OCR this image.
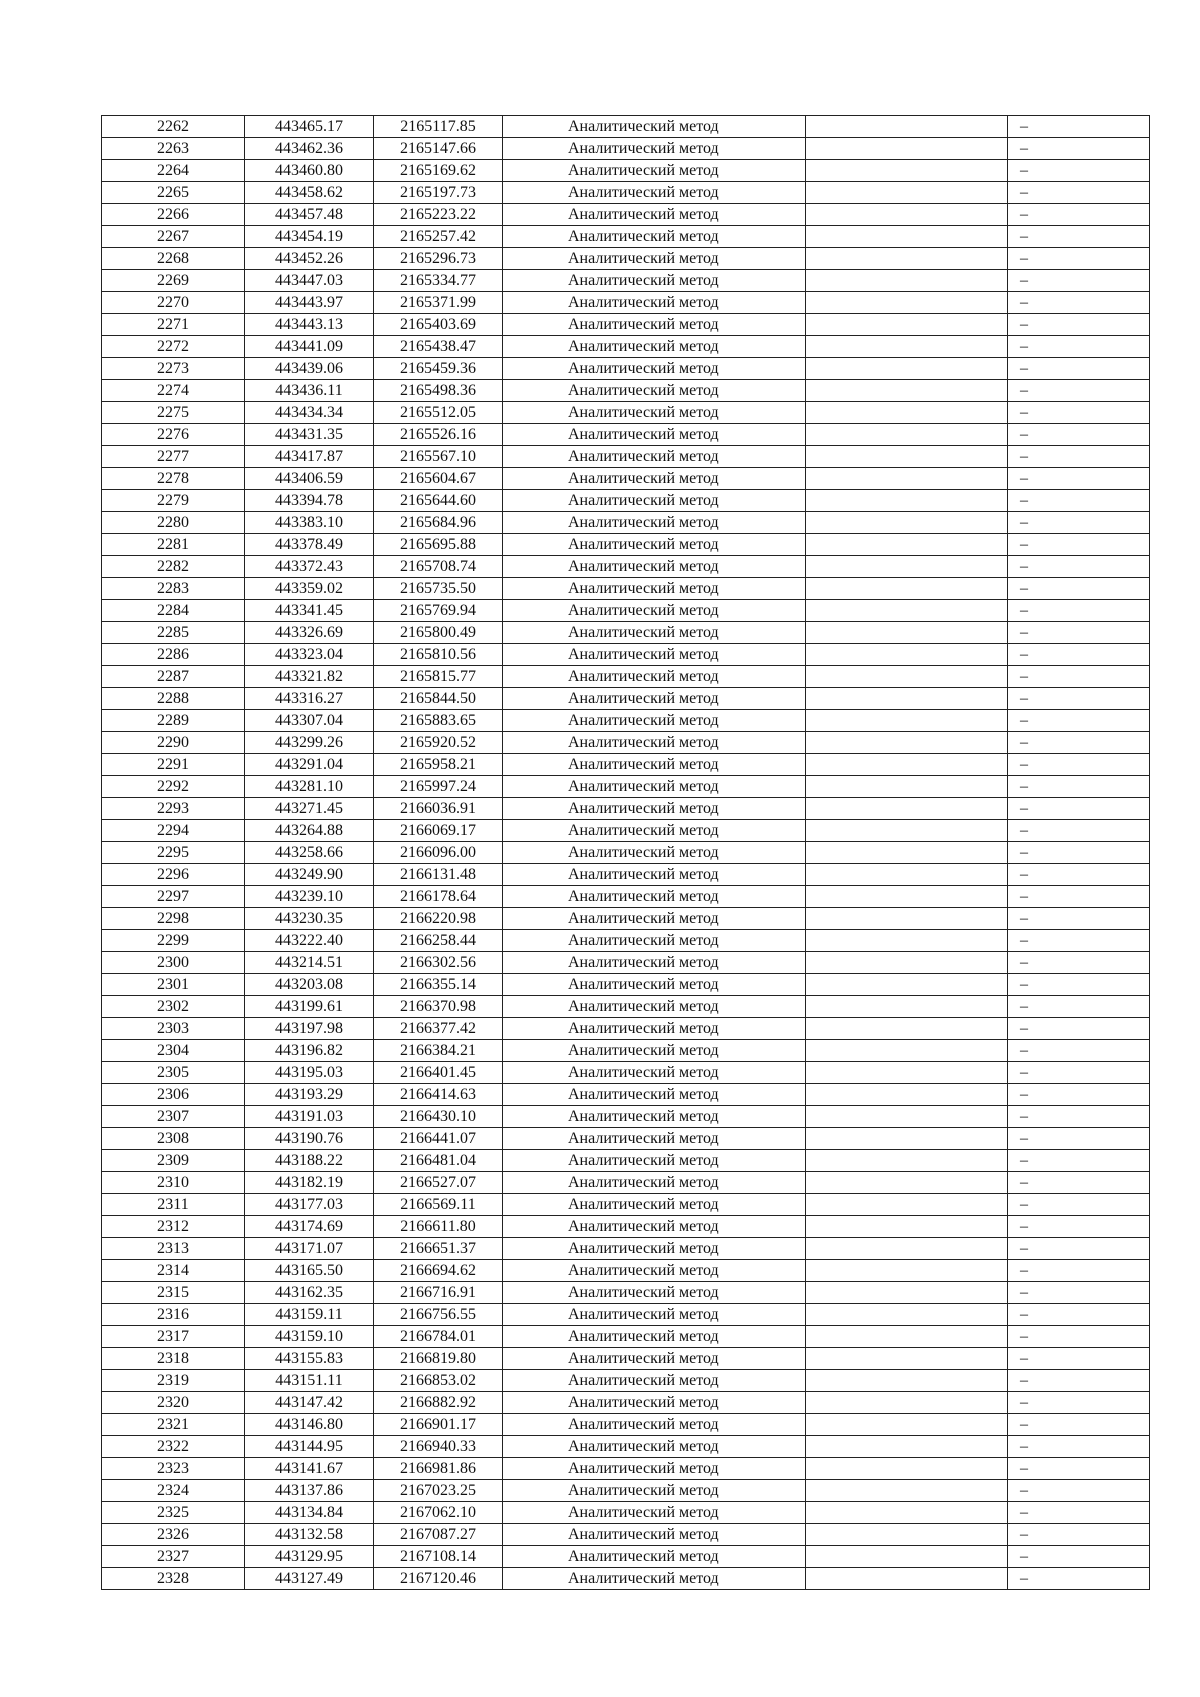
2262	443465.17	2165117.85	Аналитический метод		–
2263	443462.36	2165147.66	Аналитический метод		–
2264	443460.80	2165169.62	Аналитический метод		–
2265	443458.62	2165197.73	Аналитический метод		–
2266	443457.48	2165223.22	Аналитический метод		–
2267	443454.19	2165257.42	Аналитический метод		–
2268	443452.26	2165296.73	Аналитический метод		–
2269	443447.03	2165334.77	Аналитический метод		–
2270	443443.97	2165371.99	Аналитический метод		–
2271	443443.13	2165403.69	Аналитический метод		–
2272	443441.09	2165438.47	Аналитический метод		–
2273	443439.06	2165459.36	Аналитический метод		–
2274	443436.11	2165498.36	Аналитический метод		–
2275	443434.34	2165512.05	Аналитический метод		–
2276	443431.35	2165526.16	Аналитический метод		–
2277	443417.87	2165567.10	Аналитический метод		–
2278	443406.59	2165604.67	Аналитический метод		–
2279	443394.78	2165644.60	Аналитический метод		–
2280	443383.10	2165684.96	Аналитический метод		–
2281	443378.49	2165695.88	Аналитический метод		–
2282	443372.43	2165708.74	Аналитический метод		–
2283	443359.02	2165735.50	Аналитический метод		–
2284	443341.45	2165769.94	Аналитический метод		–
2285	443326.69	2165800.49	Аналитический метод		–
2286	443323.04	2165810.56	Аналитический метод		–
2287	443321.82	2165815.77	Аналитический метод		–
2288	443316.27	2165844.50	Аналитический метод		–
2289	443307.04	2165883.65	Аналитический метод		–
2290	443299.26	2165920.52	Аналитический метод		–
2291	443291.04	2165958.21	Аналитический метод		–
2292	443281.10	2165997.24	Аналитический метод		–
2293	443271.45	2166036.91	Аналитический метод		–
2294	443264.88	2166069.17	Аналитический метод		–
2295	443258.66	2166096.00	Аналитический метод		–
2296	443249.90	2166131.48	Аналитический метод		–
2297	443239.10	2166178.64	Аналитический метод		–
2298	443230.35	2166220.98	Аналитический метод		–
2299	443222.40	2166258.44	Аналитический метод		–
2300	443214.51	2166302.56	Аналитический метод		–
2301	443203.08	2166355.14	Аналитический метод		–
2302	443199.61	2166370.98	Аналитический метод		–
2303	443197.98	2166377.42	Аналитический метод		–
2304	443196.82	2166384.21	Аналитический метод		–
2305	443195.03	2166401.45	Аналитический метод		–
2306	443193.29	2166414.63	Аналитический метод		–
2307	443191.03	2166430.10	Аналитический метод		–
2308	443190.76	2166441.07	Аналитический метод		–
2309	443188.22	2166481.04	Аналитический метод		–
2310	443182.19	2166527.07	Аналитический метод		–
2311	443177.03	2166569.11	Аналитический метод		–
2312	443174.69	2166611.80	Аналитический метод		–
2313	443171.07	2166651.37	Аналитический метод		–
2314	443165.50	2166694.62	Аналитический метод		–
2315	443162.35	2166716.91	Аналитический метод		–
2316	443159.11	2166756.55	Аналитический метод		–
2317	443159.10	2166784.01	Аналитический метод		–
2318	443155.83	2166819.80	Аналитический метод		–
2319	443151.11	2166853.02	Аналитический метод		–
2320	443147.42	2166882.92	Аналитический метод		–
2321	443146.80	2166901.17	Аналитический метод		–
2322	443144.95	2166940.33	Аналитический метод		–
2323	443141.67	2166981.86	Аналитический метод		–
2324	443137.86	2167023.25	Аналитический метод		–
2325	443134.84	2167062.10	Аналитический метод		–
2326	443132.58	2167087.27	Аналитический метод		–
2327	443129.95	2167108.14	Аналитический метод		–
2328	443127.49	2167120.46	Аналитический метод		–
